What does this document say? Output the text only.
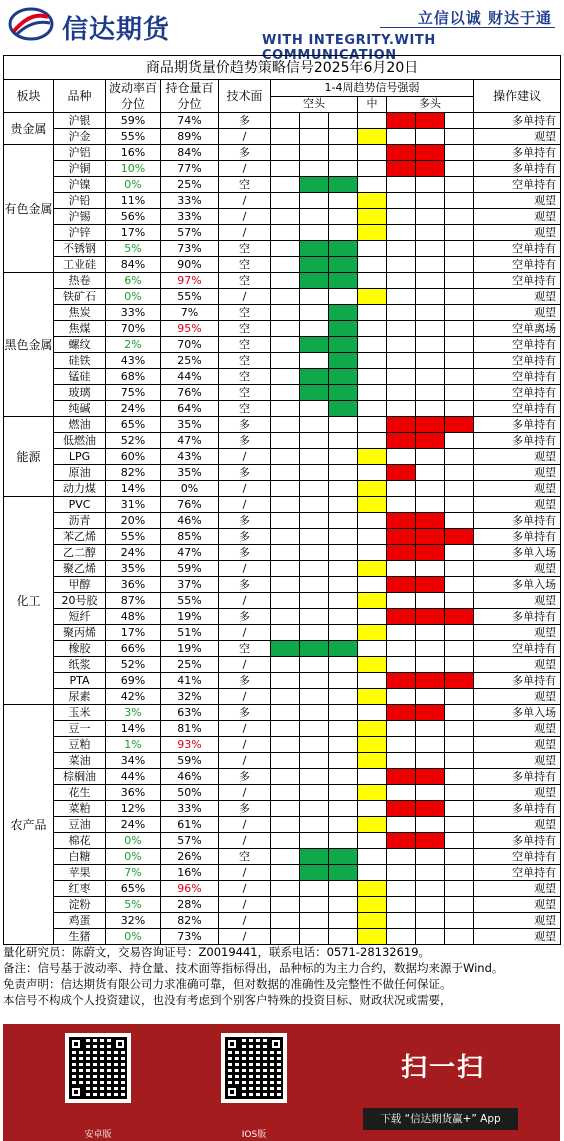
信达期货	立信以诚 财达于通
WITH INTEGRITY.WITH COMMUNICATION
商品期货量价趋势策略信号2025年6月20日												
板块	品种	波动率百分位	持仓量百分位	技术面	1-4周趋势信号强弱							操作建议
					空头			中	多头			
贵金属	沪银	59%	74%	多								多单持有
	沪金	55%	89%	/								观望
有色金属	沪铝	16%	84%	多								多单持有
	沪铜	10%	77%	/								多单持有
	沪镍	0%	25%	空								空单持有
	沪铅	11%	33%	/								观望
	沪锡	56%	33%	/								观望
	沪锌	17%	57%	/								观望
	不锈钢	5%	73%	空								空单持有
	工业硅	84%	90%	空								空单持有
黑色金属	热卷	6%	97%	空								空单持有
	铁矿石	0%	55%	/								观望
	焦炭	33%	7%	空								观望
	焦煤	70%	95%	空								空单离场
	螺纹	2%	70%	空								空单持有
	硅铁	43%	25%	空								空单持有
	锰硅	68%	44%	空								空单持有
	玻璃	75%	76%	空								空单持有
	纯碱	24%	64%	空								空单持有
能源	燃油	65%	35%	多								多单持有
	低燃油	52%	47%	多								多单持有
	LPG	60%	43%	/								观望
	原油	82%	35%	多								观望
	动力煤	14%	0%	/								观望
化工	PVC	31%	76%	/								观望
	沥青	20%	46%	多								多单持有
	苯乙烯	55%	85%	多								多单持有
	乙二醇	24%	47%	多								多单入场
	聚乙烯	35%	59%	/								观望
	甲醇	36%	37%	多								多单入场
	20号胶	87%	55%	/								观望
	短纤	48%	19%	多								多单持有
	聚丙烯	17%	51%	/								观望
	橡胶	66%	19%	空								空单持有
	纸浆	52%	25%	/								观望
	PTA	69%	41%	多								多单持有
	尿素	42%	32%	/								观望
农产品	玉米	3%	63%	多								多单入场
	豆一	14%	81%	/								观望
	豆粕	1%	93%	/								观望
	菜油	34%	59%	/								观望
	棕榈油	44%	46%	多								多单持有
	花生	36%	50%	/								观望
	菜粕	12%	33%	多								多单持有
	豆油	24%	61%	/								观望
	棉花	0%	57%	/								多单持有
	白糖	0%	26%	空								空单持有
	苹果	7%	16%	/								空单持有
	红枣	65%	96%	/								观望
	淀粉	5%	28%	/								观望
	鸡蛋	32%	82%	/								观望
	生猪	0%	73%	/								观望
量化研究员：陈蔚文，交易咨询证号：Z0019441，联系电话：0571-28132619。
备注：信号基于波动率、持仓量、技术面等指标得出，品种标的为主力合约，数据均来源于Wind。
免责声明：信达期货有限公司力求准确可靠，但对数据的准确性及完整性不做任何保证。
本信号不构成个人投资建议，也没有考虑到个别客户特殊的投资目标、财政状况或需要，
安卓版	IOS版
扫一扫
下载 “信达期货赢+” App
